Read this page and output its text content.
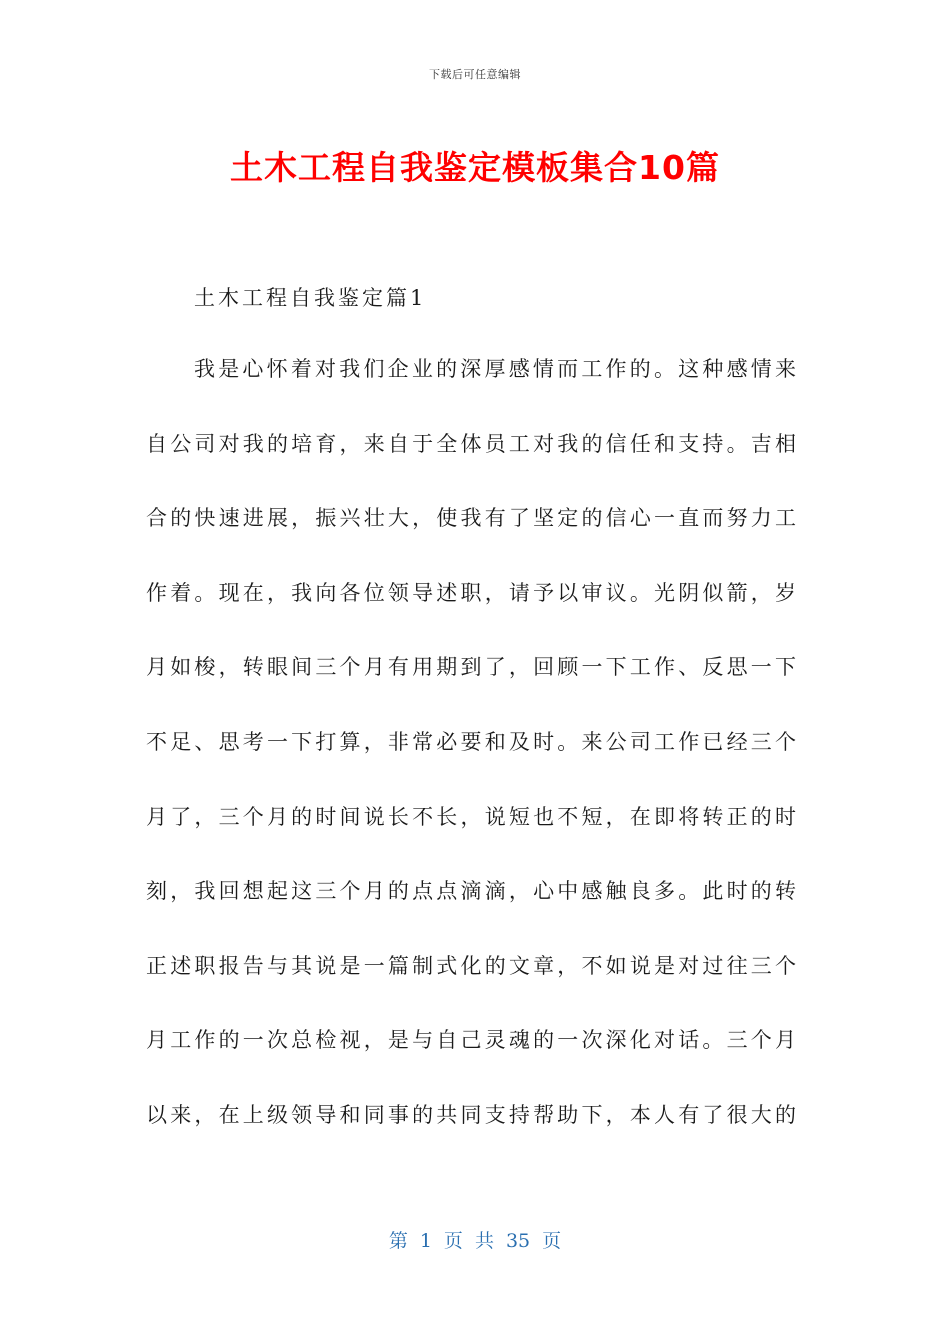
下载后可任意编辑
土木工程自我鉴定模板集合10篇
土木工程自我鉴定篇1
我是心怀着对我们企业的深厚感情而工作的。这种感情来
自公司对我的培育，来自于全体员工对我的信任和支持。吉相
合的快速进展，振兴壮大，使我有了坚定的信心一直而努力工
作着。现在，我向各位领导述职，请予以审议。光阴似箭，岁
月如梭，转眼间三个月有用期到了，回顾一下工作、反思一下
不足、思考一下打算，非常必要和及时。来公司工作已经三个
月了，三个月的时间说长不长，说短也不短，在即将转正的时
刻，我回想起这三个月的点点滴滴，心中感触良多。此时的转
正述职报告与其说是一篇制式化的文章，不如说是对过往三个
月工作的一次总检视，是与自己灵魂的一次深化对话。三个月
以来，在上级领导和同事的共同支持帮助下，本人有了很大的
第 1 页 共 35 页
